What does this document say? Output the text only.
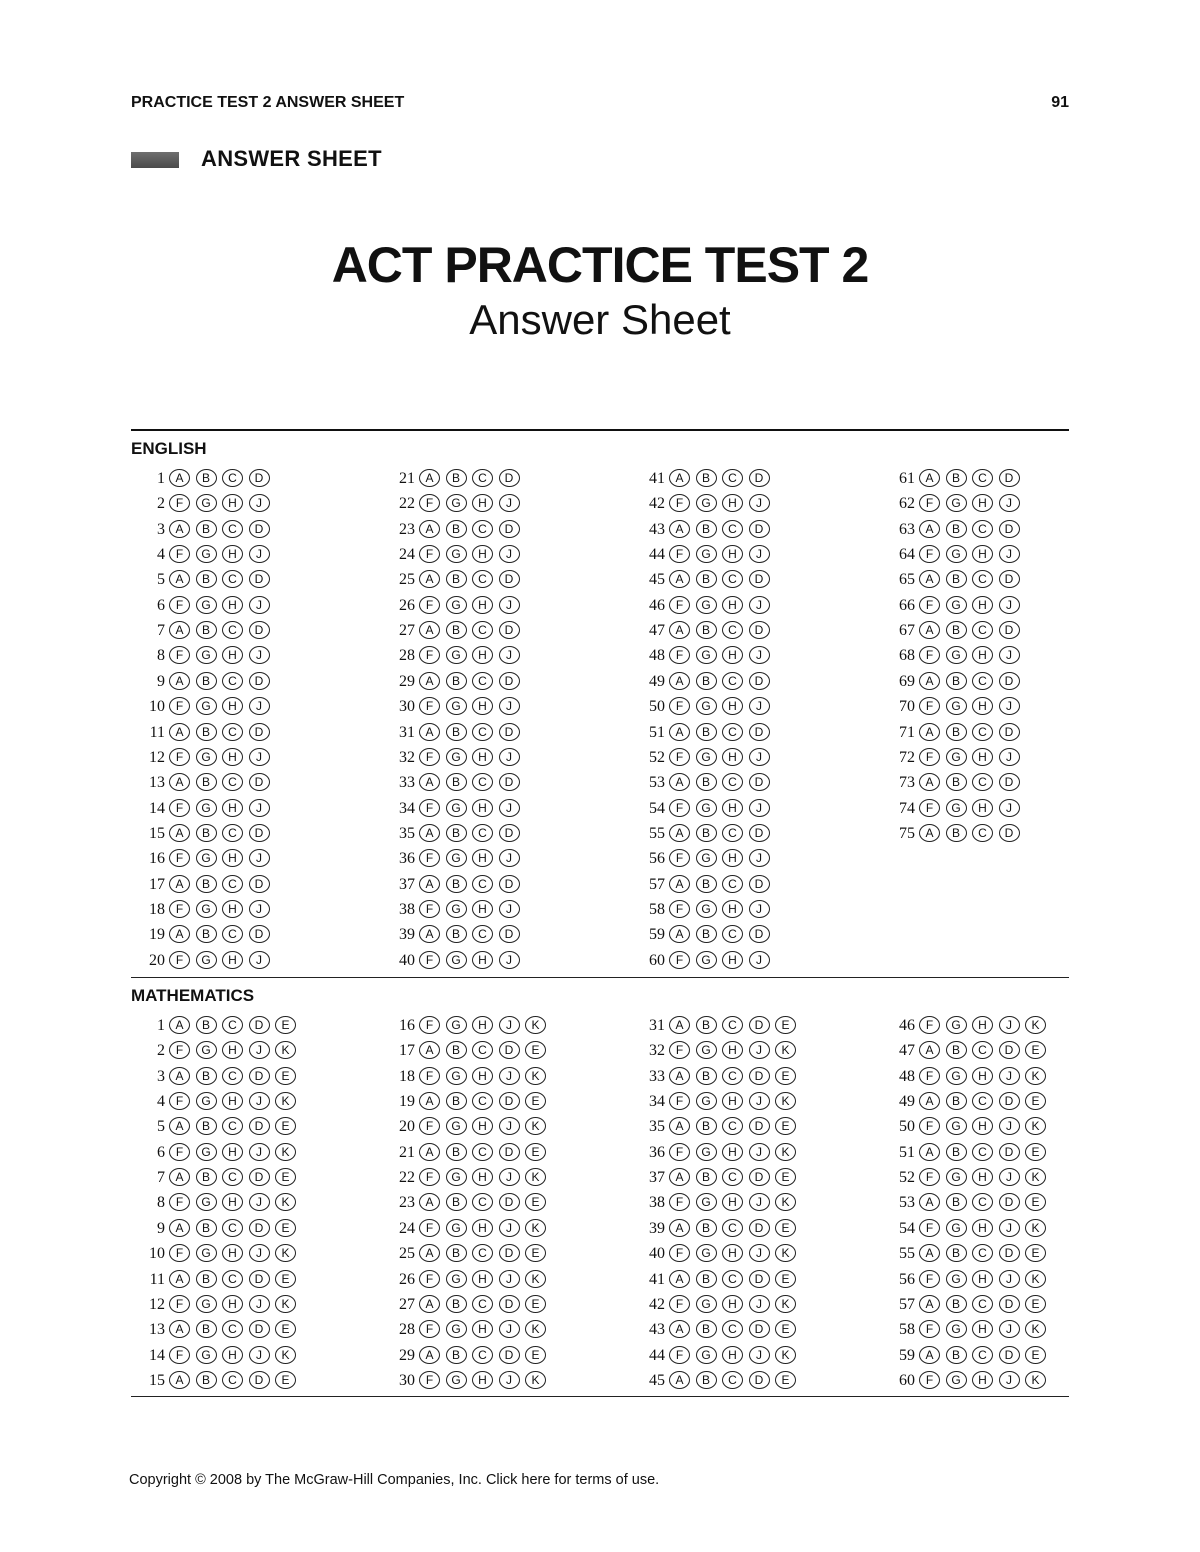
PRACTICE TEST 2 ANSWER SHEET	91
ANSWER SHEET
ACT PRACTICE TEST 2
Answer Sheet
ENGLISH
1 A	B	C	D
2 F	G	H	J
3 A	B	C	D
4 F	G	H	J
5 A	B	C	D
6 F	G	H	J
7 A	B	C	D
8 F	G	H	J
9 A	B	C	D
10 F	G	H	J
11 A	B	C	D
12 F	G	H	J
13 A	B	C	D
14 F	G	H	J
15 A	B	C	D
16 F	G	H	J
17 A	B	C	D
18 F	G	H	J
19 A	B	C	D
20 F	G	H	J
21 A	B	C	D
22 F	G	H	J
23 A	B	C	D
24 F	G	H	J
25 A	B	C	D
26 F	G	H	J
27 A	B	C	D
28 F	G	H	J
29 A	B	C	D
30 F	G	H	J
31 A	B	C	D
32 F	G	H	J
33 A	B	C	D
34 F	G	H	J
35 A	B	C	D
36 F	G	H	J
37 A	B	C	D
38 F	G	H	J
39 A	B	C	D
40 F	G	H	J
41 A	B	C	D
42 F	G	H	J
43 A	B	C	D
44 F	G	H	J
45 A	B	C	D
46 F	G	H	J
47 A	B	C	D
48 F	G	H	J
49 A	B	C	D
50 F	G	H	J
51 A	B	C	D
52 F	G	H	J
53 A	B	C	D
54 F	G	H	J
55 A	B	C	D
56 F	G	H	J
57 A	B	C	D
58 F	G	H	J
59 A	B	C	D
60 F	G	H	J
61 A	B	C	D
62 F	G	H	J
63 A	B	C	D
64 F	G	H	J
65 A	B	C	D
66 F	G	H	J
67 A	B	C	D
68 F	G	H	J
69 A	B	C	D
70 F	G	H	J
71 A	B	C	D
72 F	G	H	J
73 A	B	C	D
74 F	G	H	J
75 A	B	C	D
MATHEMATICS
1 A	B	C	D	E
2 F	G	H	J	K
3 A	B	C	D	E
4 F	G	H	J	K
5 A	B	C	D	E
6 F	G	H	J	K
7 A	B	C	D	E
8 F	G	H	J	K
9 A	B	C	D	E
10 F	G	H	J	K
11 A	B	C	D	E
12 F	G	H	J	K
13 A	B	C	D	E
14 F	G	H	J	K
15 A	B	C	D	E
16 F	G	H	J	K
17 A	B	C	D	E
18 F	G	H	J	K
19 A	B	C	D	E
20 F	G	H	J	K
21 A	B	C	D	E
22 F	G	H	J	K
23 A	B	C	D	E
24 F	G	H	J	K
25 A	B	C	D	E
26 F	G	H	J	K
27 A	B	C	D	E
28 F	G	H	J	K
29 A	B	C	D	E
30 F	G	H	J	K
31 A	B	C	D	E
32 F	G	H	J	K
33 A	B	C	D	E
34 F	G	H	J	K
35 A	B	C	D	E
36 F	G	H	J	K
37 A	B	C	D	E
38 F	G	H	J	K
39 A	B	C	D	E
40 F	G	H	J	K
41 A	B	C	D	E
42 F	G	H	J	K
43 A	B	C	D	E
44 F	G	H	J	K
45 A	B	C	D	E
46 F	G	H	J	K
47 A	B	C	D	E
48 F	G	H	J	K
49 A	B	C	D	E
50 F	G	H	J	K
51 A	B	C	D	E
52 F	G	H	J	K
53 A	B	C	D	E
54 F	G	H	J	K
55 A	B	C	D	E
56 F	G	H	J	K
57 A	B	C	D	E
58 F	G	H	J	K
59 A	B	C	D	E
60 F	G	H	J	K
Copyright © 2008 by The McGraw-Hill Companies, Inc. Click here for terms of use.
